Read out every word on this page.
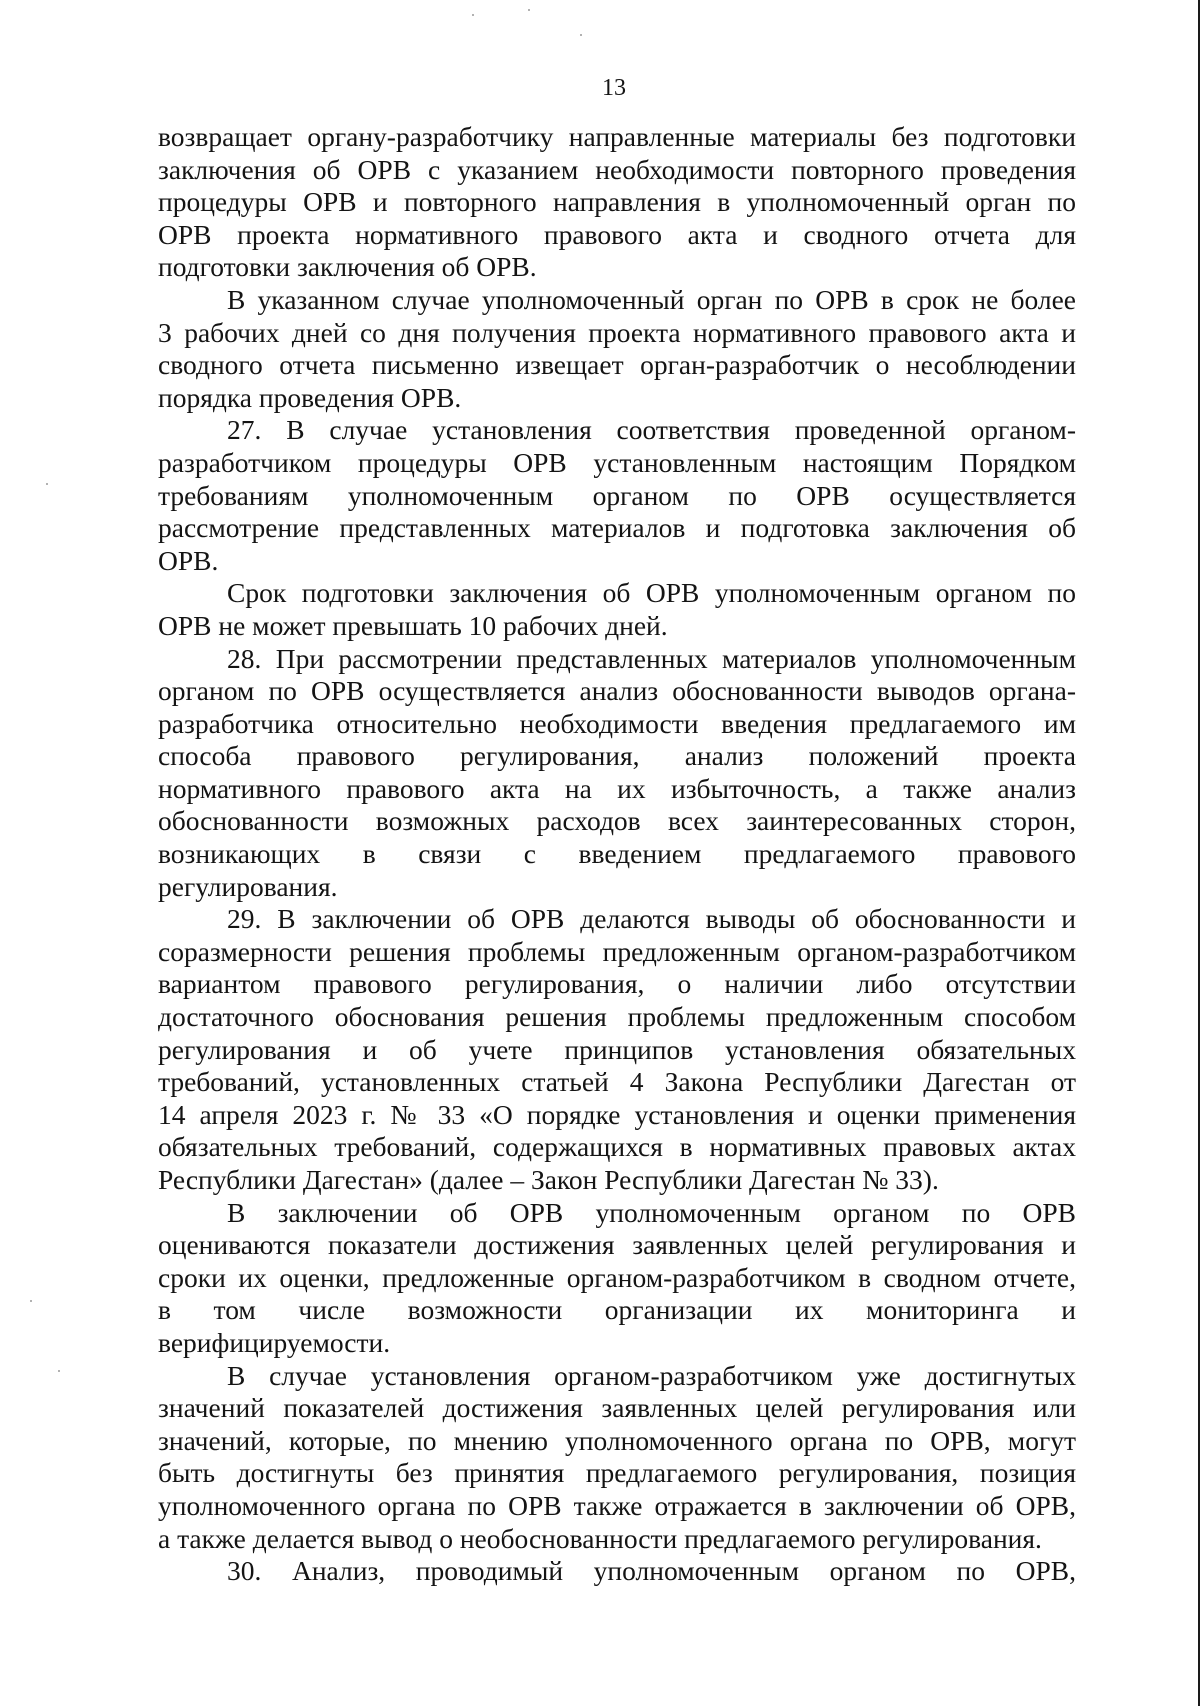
13

возвращает органу-разработчику направленные материалы без подготовки
заключения об ОРВ с указанием необходимости повторного проведения
процедуры ОРВ и повторного направления в уполномоченный орган по
ОРВ проекта нормативного правового акта и сводного отчета для
подготовки заключения об ОРВ.

В указанном случае уполномоченный орган по ОРВ в срок не более
3 рабочих дней со дня получения проекта нормативного правового акта и
сводного отчета письменно извещает орган-разработчик о несоблюдении
порядка проведения ОРВ.

27. В случае установления соответствия проведенной органом-
разработчиком процедуры ОРВ установленным настоящим Порядком
требованиям уполномоченным органом по ОРВ осуществляется
рассмотрение представленных материалов и подготовка заключения об
ОРВ.

Срок подготовки заключения об ОРВ уполномоченным органом по
ОРВ не может превышать 10 рабочих дней.

28. При рассмотрении представленных материалов уполномоченным
органом по ОРВ осуществляется анализ обоснованности выводов органа-
разработчика относительно необходимости введения предлагаемого им
способа правового регулирования, анализ положений проекта
нормативного правового акта на их избыточность, а также анализ
обоснованности возможных расходов всех заинтересованных сторон,
возникающих в связи с введением предлагаемого правового
регулирования.

29. В заключении об ОРВ делаются выводы об обоснованности и
соразмерности решения проблемы предложенным органом-разработчиком
вариантом правового регулирования, о наличии либо отсутствии
достаточного обоснования решения проблемы предложенным способом
регулирования и об учете принципов установления обязательных
требований, установленных статьей 4 Закона Республики Дагестан от
14 апреля 2023 г. № 33 «О порядке установления и оценки применения
обязательных требований, содержащихся в нормативных правовых актах
Республики Дагестан» (далее – Закон Республики Дагестан № 33).

В заключении об ОРВ уполномоченным органом по ОРВ
оцениваются показатели достижения заявленных целей регулирования и
сроки их оценки, предложенные органом-разработчиком в сводном отчете,
в том числе возможности организации их мониторинга и
верифицируемости.

В случае установления органом-разработчиком уже достигнутых
значений показателей достижения заявленных целей регулирования или
значений, которые, по мнению уполномоченного органа по ОРВ, могут
быть достигнуты без принятия предлагаемого регулирования, позиция
уполномоченного органа по ОРВ также отражается в заключении об ОРВ,
а также делается вывод о необоснованности предлагаемого регулирования.

30. Анализ, проводимый уполномоченным органом по ОРВ,
